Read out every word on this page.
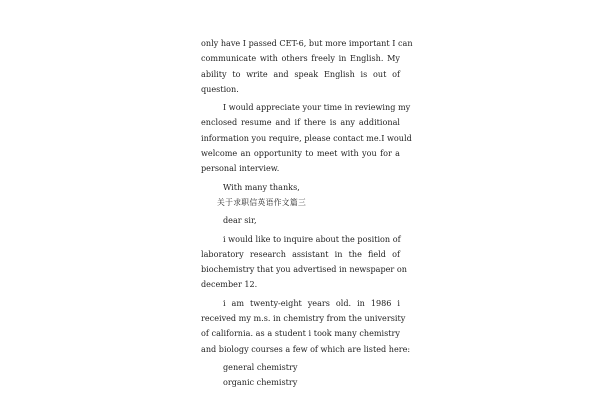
only have I passed CET-6, but more important I can
communicate with others freely in English. My
ability to write and speak English is out of
question.
I would appreciate your time in reviewing my
enclosed resume and if there is any additional
information you require, please contact me.I would
welcome an opportunity to meet with you for a
personal interview.
With many thanks,
关于求职信英语作文篇三
dear sir,
i would like to inquire about the position of
laboratory research assistant in the field of
biochemistry that you advertised in newspaper on
december 12.
i am twenty-eight years old. in 1986 i
received my m.s. in chemistry from the university
of california. as a student i took many chemistry
and biology courses a few of which are listed here:
general chemistry
organic chemistry
